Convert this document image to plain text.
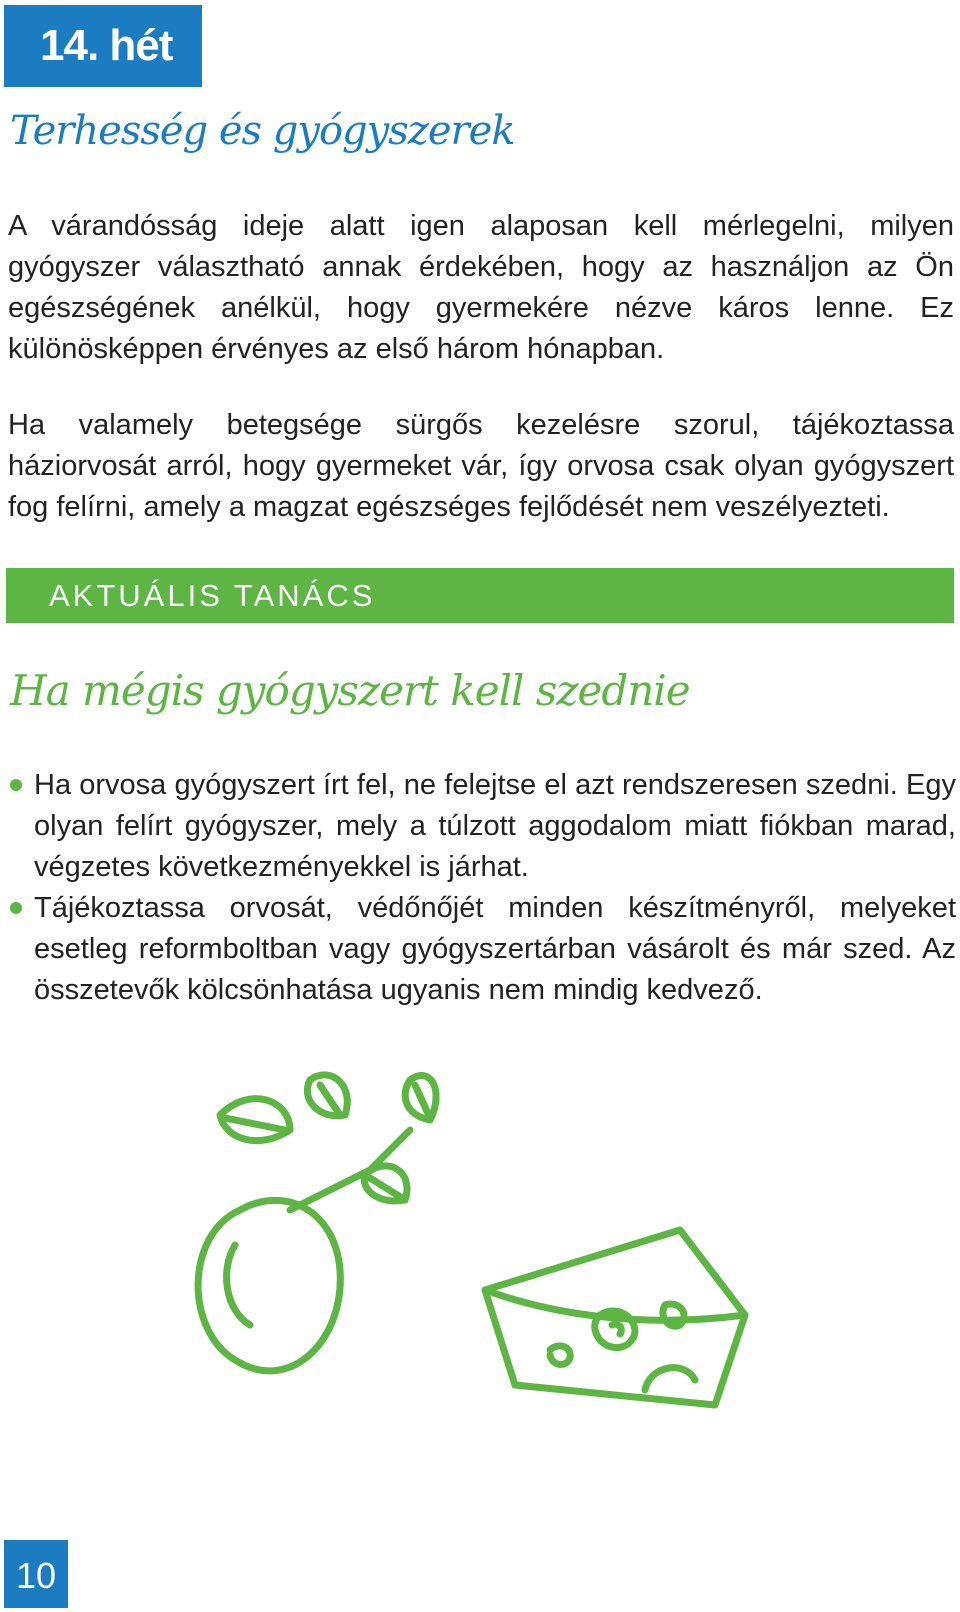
14. hét
Terhesség és gyógyszerek

A várandósság ideje alatt igen alaposan kell mérlegelni, milyen gyógyszer választható annak érdekében, hogy az használjon az Ön egészségének anélkül, hogy gyermekére nézve káros lenne. Ez különösképpen érvényes az első három hónapban.

Ha valamely betegsége sürgős kezelésre szorul, tájékoztassa háziorvosát arról, hogy gyermeket vár, így orvosa csak olyan gyógyszert fog felírni, amely a magzat egészséges fejlődését nem veszélyezteti.

AKTUÁLIS TANÁCS
Ha mégis gyógyszert kell szednie
Ha orvosa gyógyszert írt fel, ne felejtse el azt rendszeresen szedni. Egy olyan felírt gyógyszer, mely a túlzott aggodalom miatt fiókban marad, végzetes következményekkel is járhat.
Tájékoztassa orvosát, védőnőjét minden készítményről, melyeket esetleg reformboltban vagy gyógyszertárban vásárolt és már szed. Az összetevők kölcsönhatása ugyanis nem mindig kedvező.
10
